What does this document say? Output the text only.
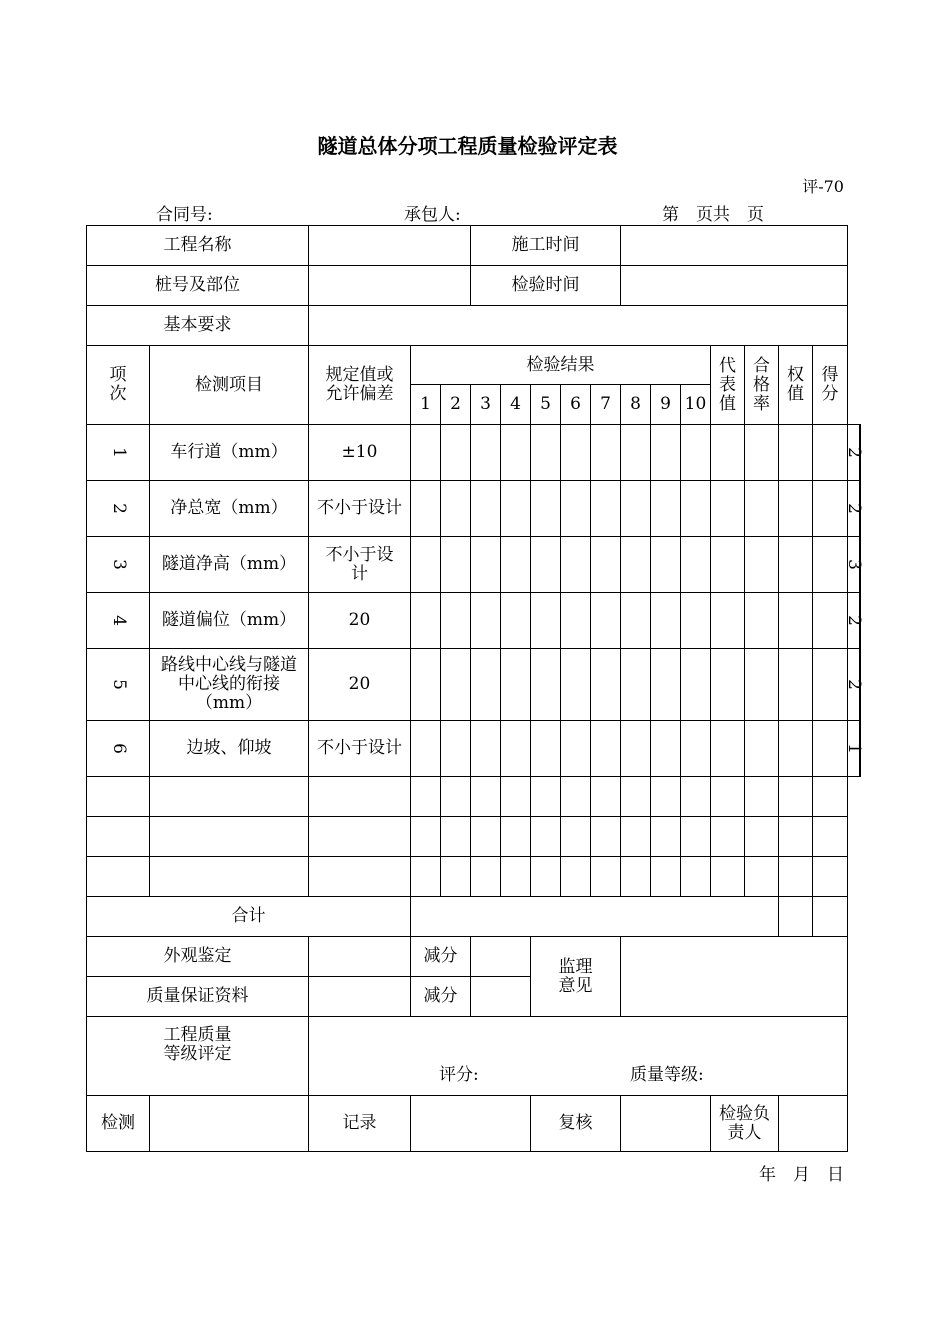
隧道总体分项工程质量检验评定表
评-70
合同号:	承包人:	第　页共　页
工程名称					施工时间													
桩号及部位					检验时间													
基本要求																		
项次	检测项目	规定值或允许偏差	检验结果										代表值	合格率	权值	得分		
			1	2	3	4	5	6	7	8	9	10						
1	车行道（mm）	±10															2	
2	净总宽（mm）	不小于设计															2	
3	隧道净高（mm）	不小于设计															3	
4	隧道偏位（mm）	20															2	
5	路线中心线与隧道中心线的衔接（mm）	20															2	
6	边坡、仰坡	不小于设计															1	

合计																		
外观鉴定			减分				监理意见											
质量保证资料			减分															
工程质量等级评定		评分: 质量等级:																

检测		记录					复核						检验负责人					
年　月　日
